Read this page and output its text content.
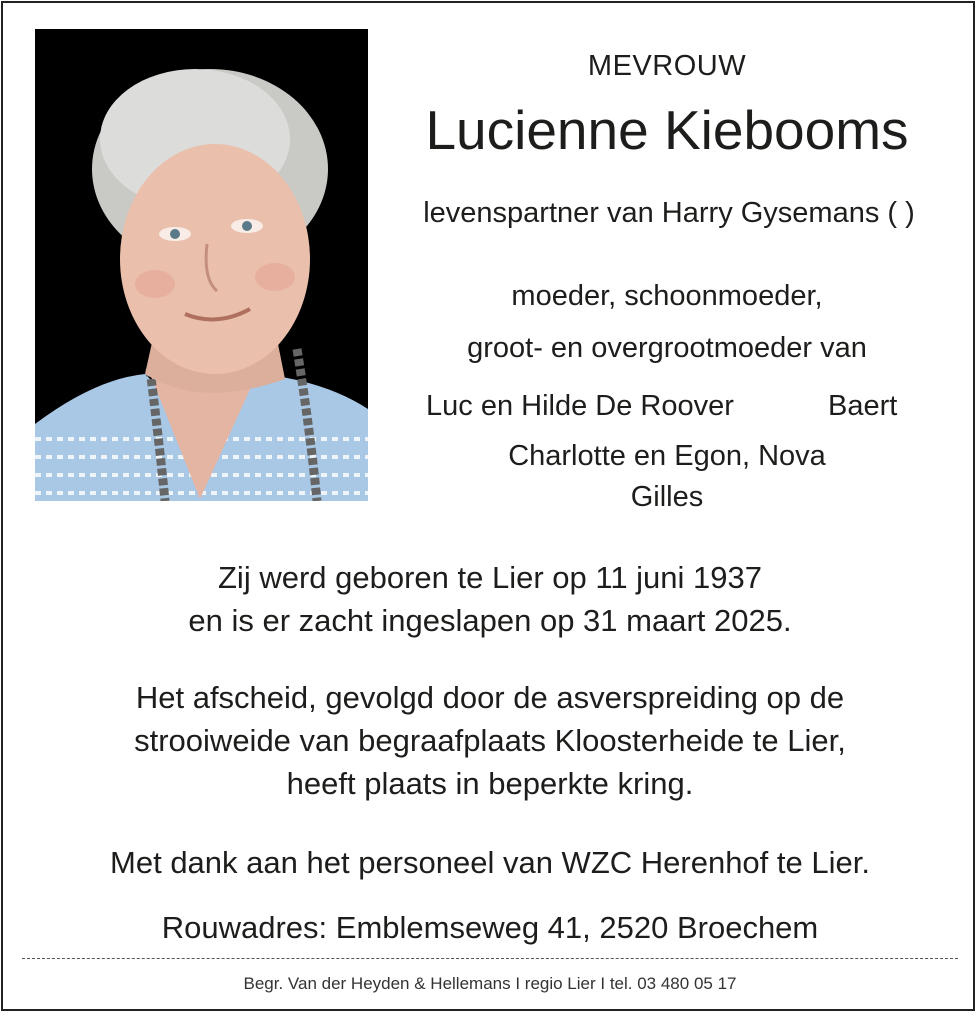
MEVROUW
Lucienne Kiebooms
levenspartner van Harry Gysemans ( )
moeder, schoonmoeder,
groot- en overgrootmoeder van
Luc en Hilde De Roover	Baert
Charlotte en Egon, Nova
Gilles
Zij werd geboren te Lier op 11 juni 1937
en is er zacht ingeslapen op 31 maart 2025.
Het afscheid, gevolgd door de asverspreiding op de
strooiweide van begraafplaats Kloosterheide te Lier,
heeft plaats in beperkte kring.
Met dank aan het personeel van WZC Herenhof te Lier.
Rouwadres: Emblemseweg 41, 2520 Broechem
Begr. Van der Heyden & Hellemans I regio Lier I tel. 03 480 05 17
